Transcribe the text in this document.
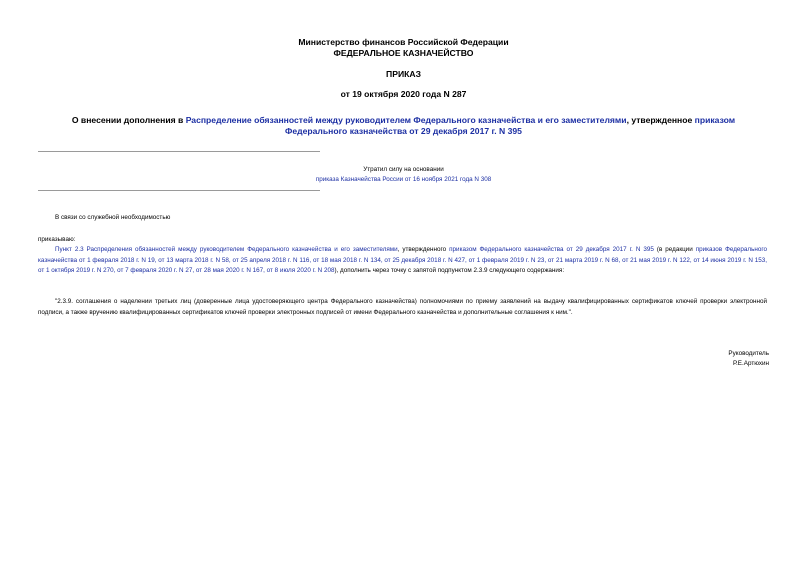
Министерство финансов Российской Федерации
ФЕДЕРАЛЬНОЕ КАЗНАЧЕЙСТВО
ПРИКАЗ
от 19 октября 2020 года N 287
О внесении дополнения в Распределение обязанностей между руководителем Федерального казначейства и его заместителями, утвержденное приказом Федерального казначейства от 29 декабря 2017 г. N 395
Утратил силу на основании
приказа Казначейства России от 16 ноября 2021 года N 308
В связи со служебной необходимостью
приказываю:
Пункт 2.3 Распределения обязанностей между руководителем Федерального казначейства и его заместителями, утвержденного приказом Федерального казначейства от 29 декабря 2017 г. N 395 (в редакции приказов Федерального казначейства от 1 февраля 2018 г. N 19, от 13 марта 2018 г. N 58, от 25 апреля 2018 г. N 116, от 18 мая 2018 г. N 134, от 25 декабря 2018 г. N 427, от 1 февраля 2019 г. N 23, от 21 марта 2019 г. N 68, от 21 мая 2019 г. N 122, от 14 июня 2019 г. N 153, от 1 октября 2019 г. N 270, от 7 февраля 2020 г. N 27, от 28 мая 2020 г. N 167, от 8 июля 2020 г. N 208), дополнить через точку с запятой подпунктом 2.3.9 следующего содержания:
"2.3.9. соглашения о наделении третьих лиц (доверенные лица удостоверяющего центра Федерального казначейства) полномочиями по приему заявлений на выдачу квалифицированных сертификатов ключей проверки электронной подписи, а также вручению квалифицированных сертификатов ключей проверки электронных подписей от имени Федерального казначейства и дополнительные соглашения к ним.".
Руководитель
Р.Е.Артюхин
